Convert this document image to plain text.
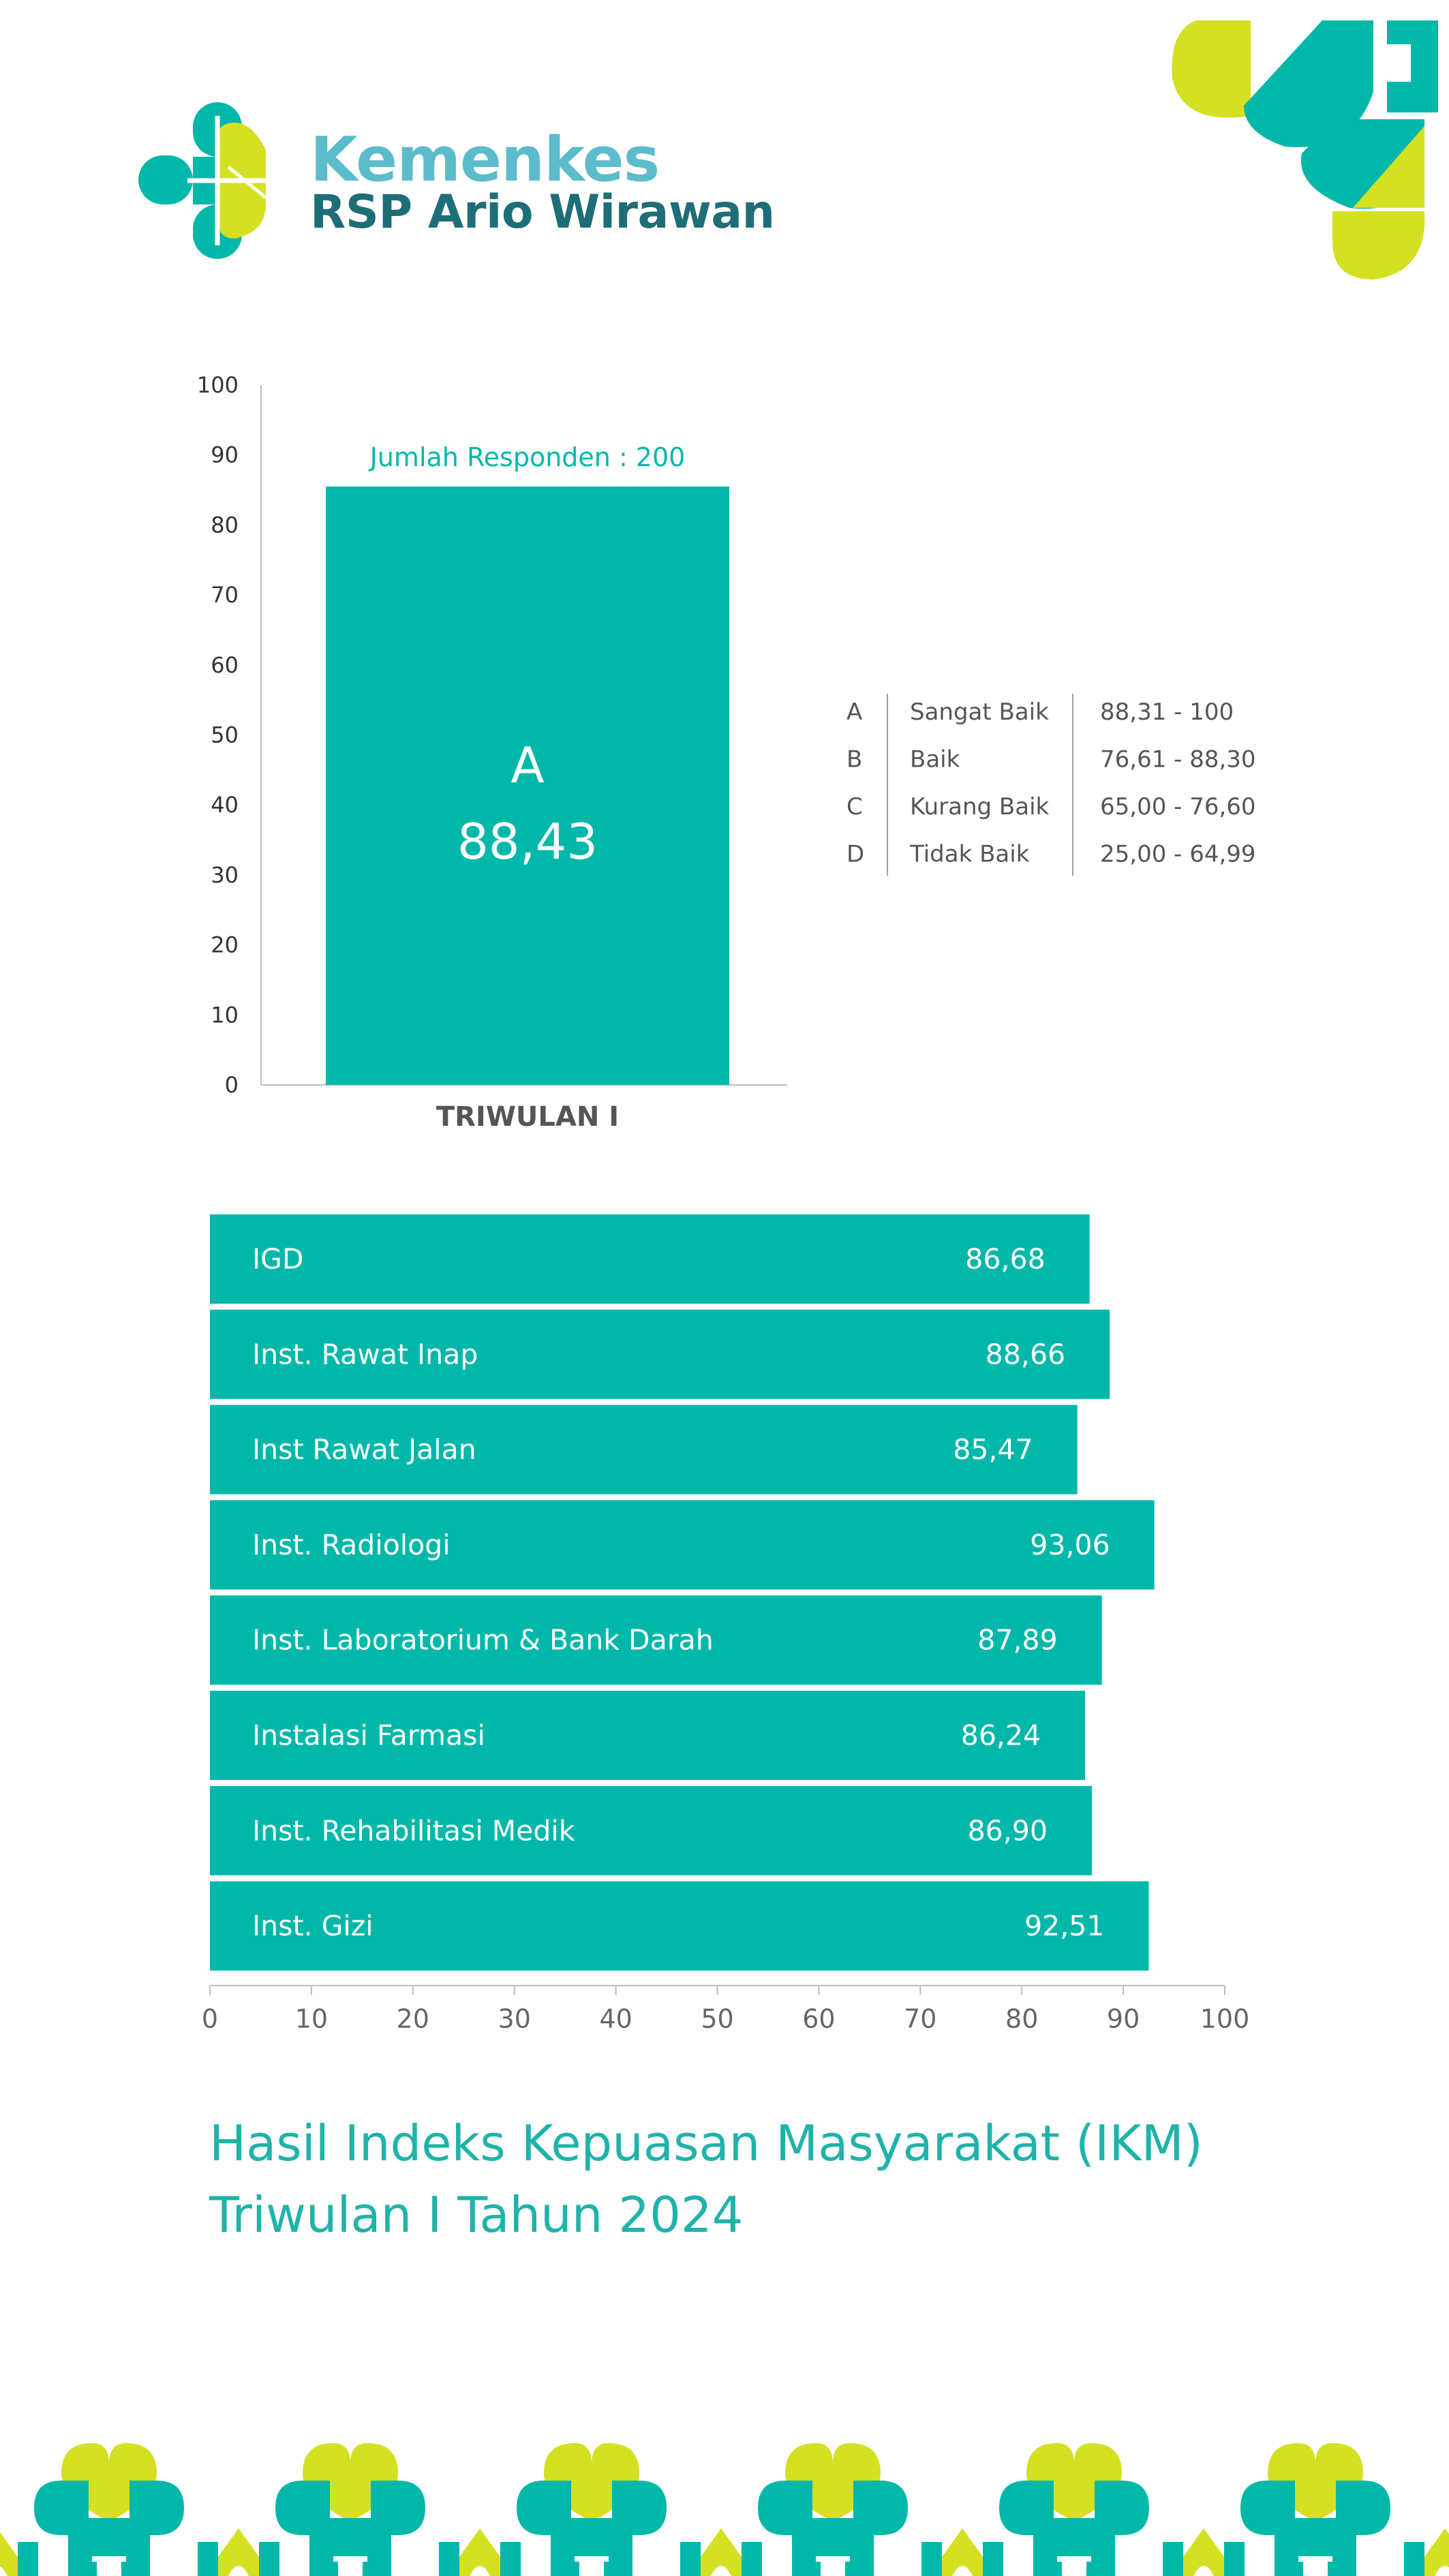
Kemenkes
RSP Ario Wirawan
0
10
20
30
40
50
60
70
80
90
100
Jumlah Responden : 200
A
88,43
TRIWULAN I
A Sangat Baik 88,31 - 100
B Baik	76,61 - 88,30
C Kurang Baik 65,00 - 76,60
D Tidak Baik	25,00 - 64,99
IGD	86,68
Inst. Rawat Inap	88,66
Inst Rawat Jalan	85,47
Inst. Radiologi	93,06
Inst. Laboratorium & Bank Darah	87,89
Instalasi Farmasi	86,24
Inst. Rehabilitasi Medik	86,90
Inst. Gizi	92,51
0	10	20	30	40	50	60	70	80	90 100
Hasil Indeks Kepuasan Masyarakat (IKM)
Triwulan I Tahun 2024
